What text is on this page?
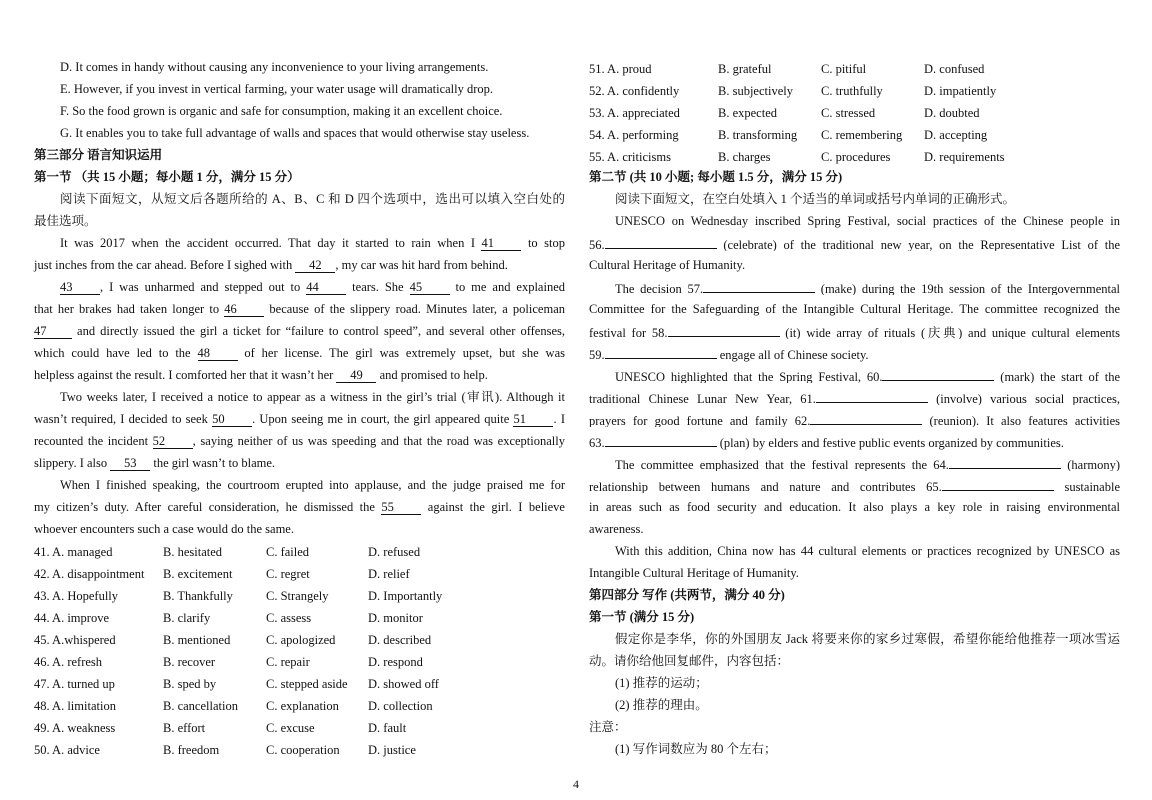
D. It comes in handy without causing any inconvenience to your living arrangements.
E. However, if you invest in vertical farming, your water usage will dramatically drop.
F. So the food grown is organic and safe for consumption, making it an excellent choice.
G. It enables you to take full advantage of walls and spaces that would otherwise stay useless.
第三部分 语言知识运用
第一节 （共 15 小题；每小题 1 分，满分 15 分）
阅读下面短文，从短文后各题所给的 A、B、C 和 D 四个选项中，选出可以填入空白处的
最佳选项。
It was 2017 when the accident occurred. That day it started to rain when I 41 to stop
just inches from the car ahead. Before I sighed with 42 , my car was hit hard from behind.
43 , I was unharmed and stepped out to 44 tears. She 45 to me and explained
that her brakes had taken longer to 46 because of the slippery road. Minutes later, a policeman
47 and directly issued the girl a ticket for “failure to control speed”, and several other offenses,
which could have led to the 48 of her license. The girl was extremely upset, but she was
helpless against the result. I comforted her that it wasn’t her 49 and promised to help.
Two weeks later, I received a notice to appear as a witness in the girl’s trial (审讯). Although it
wasn’t required, I decided to seek 50 . Upon seeing me in court, the girl appeared quite 51 . I
recounted the incident 52 , saying neither of us was speeding and that the road was exceptionally
slippery. I also 53 the girl wasn’t to blame.
When I finished speaking, the courtroom erupted into applause, and the judge praised me for
my citizen’s duty. After careful consideration, he dismissed the 55 against the girl. I believe
whoever encounters such a case would do the same.
41. A. managed	B. hesitated	C. failed	D. refused
42. A. disappointment B. excitement	C. regret	D. relief
43. A. Hopefully	B. Thankfully	C. Strangely	D. Importantly
44. A. improve	B. clarify	C. assess	D. monitor
45. A.whispered	B. mentioned	C. apologized	D. described
46. A. refresh	B. recover	C. repair	D. respond
47. A. turned up	B. sped by	C. stepped aside D. showed off
48. A. limitation	B. cancellation C. explanation D. collection
49. A. weakness	B. effort	C. excuse	D. fault
50. A. advice	B. freedom	C. cooperation D. justice
51. A. proud	B. grateful	C. pitiful	D. confused
52. A. confidently	B. subjectively C. truthfully	D. impatiently
53. A. appreciated	B. expected	C. stressed	D. doubted
54. A. performing	B. transforming C. remembering D. accepting
55. A. criticisms	B. charges	C. procedures	D. requirements
第二节 (共 10 小题; 每小题 1.5 分，满分 15 分)
阅读下面短文，在空白处填入 1 个适当的单词或括号内单词的正确形式。
UNESCO on Wednesday inscribed Spring Festival, social practices of the Chinese people in
56.	(celebrate) of the traditional new year, on the Representative List of the
Cultural Heritage of Humanity.
The decision 57.	(make) during the 19th session of the Intergovernmental
Committee for the Safeguarding of the Intangible Cultural Heritage. The committee recognized the
festival for 58.	(it) wide array of rituals (庆典) and unique cultural elements
59.	engage all of Chinese society.
UNESCO highlighted that the Spring Festival, 60.	(mark) the start of the
traditional Chinese Lunar New Year, 61.	(involve) various social practices,
prayers for good fortune and family 62.	(reunion). It also features activities
63.	(plan) by elders and festive public events organized by communities.
The committee emphasized that the festival represents the 64.	(harmony)
relationship between humans and nature and contributes 65.	sustainable
in areas such as food security and education. It also plays a key role in raising environmental
awareness.
With this addition, China now has 44 cultural elements or practices recognized by UNESCO as
Intangible Cultural Heritage of Humanity.
第四部分 写作 (共两节，满分 40 分)
第一节 (满分 15 分)
假定你是李华，你的外国朋友 Jack 将要来你的家乡过寒假，希望你能给他推荐一项冰雪运
动。请你给他回复邮件，内容包括：
(1) 推荐的运动；
(2) 推荐的理由。
注意：
(1) 写作词数应为 80 个左右；
4
